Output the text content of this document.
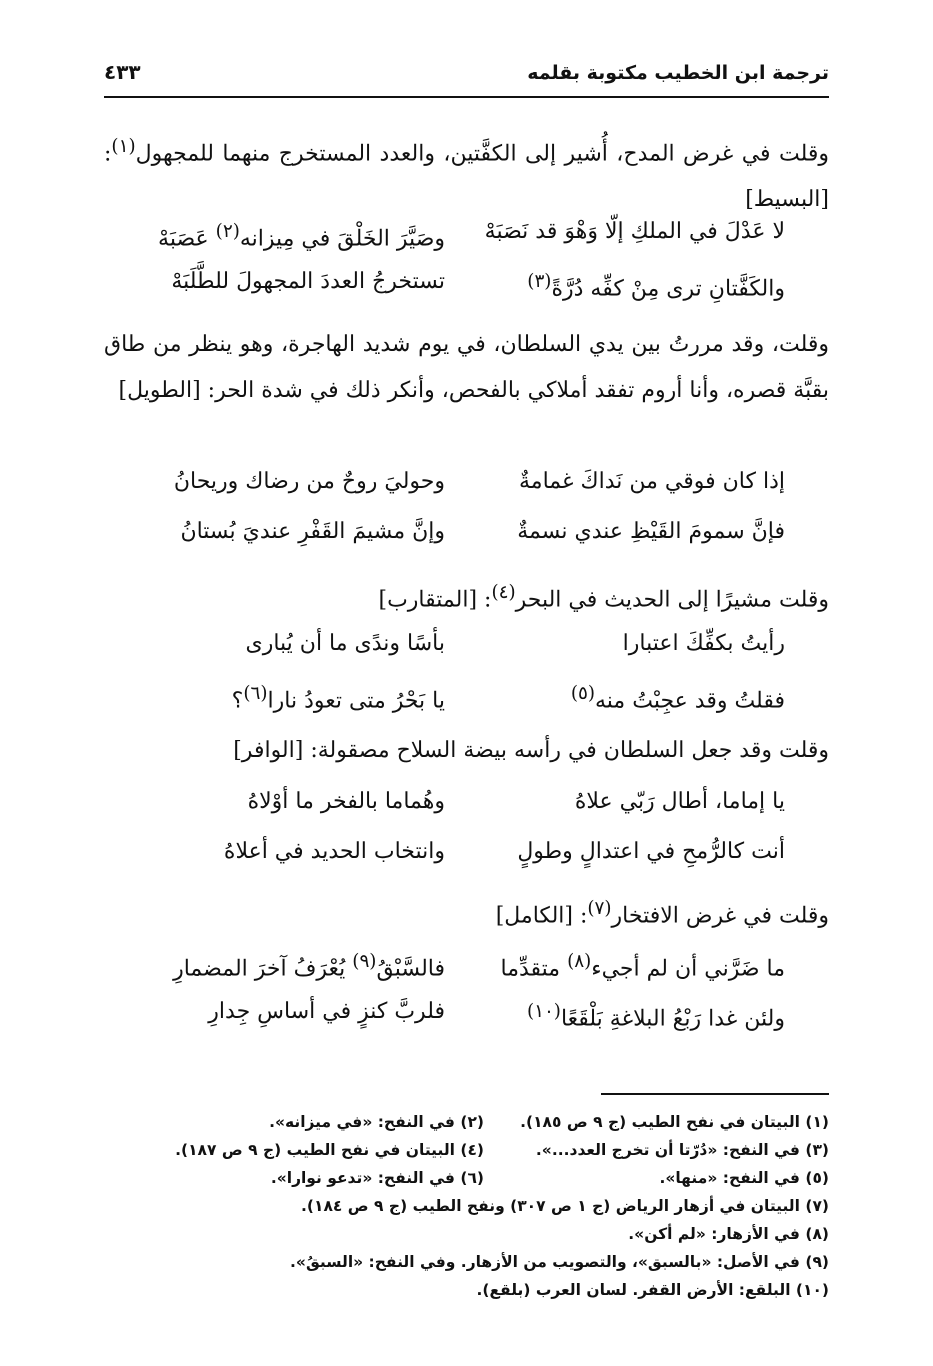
ترجمة ابن الخطيب مكتوبة بقلمه
٤٣٣
وقلت في غرض المدح، أُشير إلى الكفَّتين، والعدد المستخرج منهما للمجهول$^{(١)}$: [البسيط]
لا عَدْلَ في الملكِ إلّا وَهْوَ قد نَصَبَهْ
وصَيَّرَ الخَلْقَ في مِيزانه$^{(٢)}$ عَصَبَهْ
والكَفَّتانِ ترى مِنْ كفِّه دُرَّةً$^{(٣)}$
تستخرجُ العددَ المجهولَ للطَّلَبَهْ
وقلت، وقد مررتُ بين يدي السلطان، في يوم شديد الهاجرة، وهو ينظر من طاق بقبَّة قصره، وأنا أروم تفقد أملاكي بالفحص، وأنكر ذلك في شدة الحر: [الطويل]
إذا كان فوقي من نَداكَ غمامةٌ
وحوليَ روحٌ من رضاك وريحانُ
فإنَّ سمومَ القَيْظِ عندي نسمةٌ
وإنَّ مشيمَ القَفْرِ عنديَ بُستانُ
وقلت مشيرًا إلى الحديث في البحر$^{(٤)}$: [المتقارب]
رأيتُ بكفِّكَ اعتبارا
بأسًا وندًى ما أن يُبارى
فقلتُ وقد عجِبْتُ منه$^{(٥)}$
يا بَحْرُ متى تعودُ نارا$^{(٦)}$؟
وقلت وقد جعل السلطان في رأسه بيضة السلاح مصقولة: [الوافر]
يا إماما، أطال رَبّي علاهُ
وهُماما بالفخر ما أوْلاهُ
أنت كالرُّمحِ في اعتدالٍ وطولٍ
وانتخاب الحديد في أعلاهُ
وقلت في غرض الافتخار$^{(٧)}$: [الكامل]
ما ضَرَّني أن لم أجيء$^{(٨)}$ متقدِّما
فالسَّبْقُ$^{(٩)}$ يُعْرَفُ آخرَ المضمارِ
ولئن غدا رَبْعُ البلاغةِ بَلْقَعًا$^{(١٠)}$
فلربَّ كنزٍ في أساسِ جِدارِ
(١) البيتان في نفح الطيب (ج ٩ ص ١٨٥).
(٢) في النفح: «في ميزانه».
(٣) في النفح: «دُرّتا أن تخرج العدد...».
(٤) البيتان في نفح الطيب (ج ٩ ص ١٨٧).
(٥) في النفح: «منها».
(٦) في النفح: «تدعو نوارا».
(٧) البيتان في أزهار الرياض (ج ١ ص ٣٠٧) ونفح الطيب (ج ٩ ص ١٨٤).
(٨) في الأزهار: «لم أكن».
(٩) في الأصل: «بالسبق»، والتصويب من الأزهار. وفي النفح: «السبقُ».
(١٠) البلقع: الأرض القفر. لسان العرب (بلقع).
